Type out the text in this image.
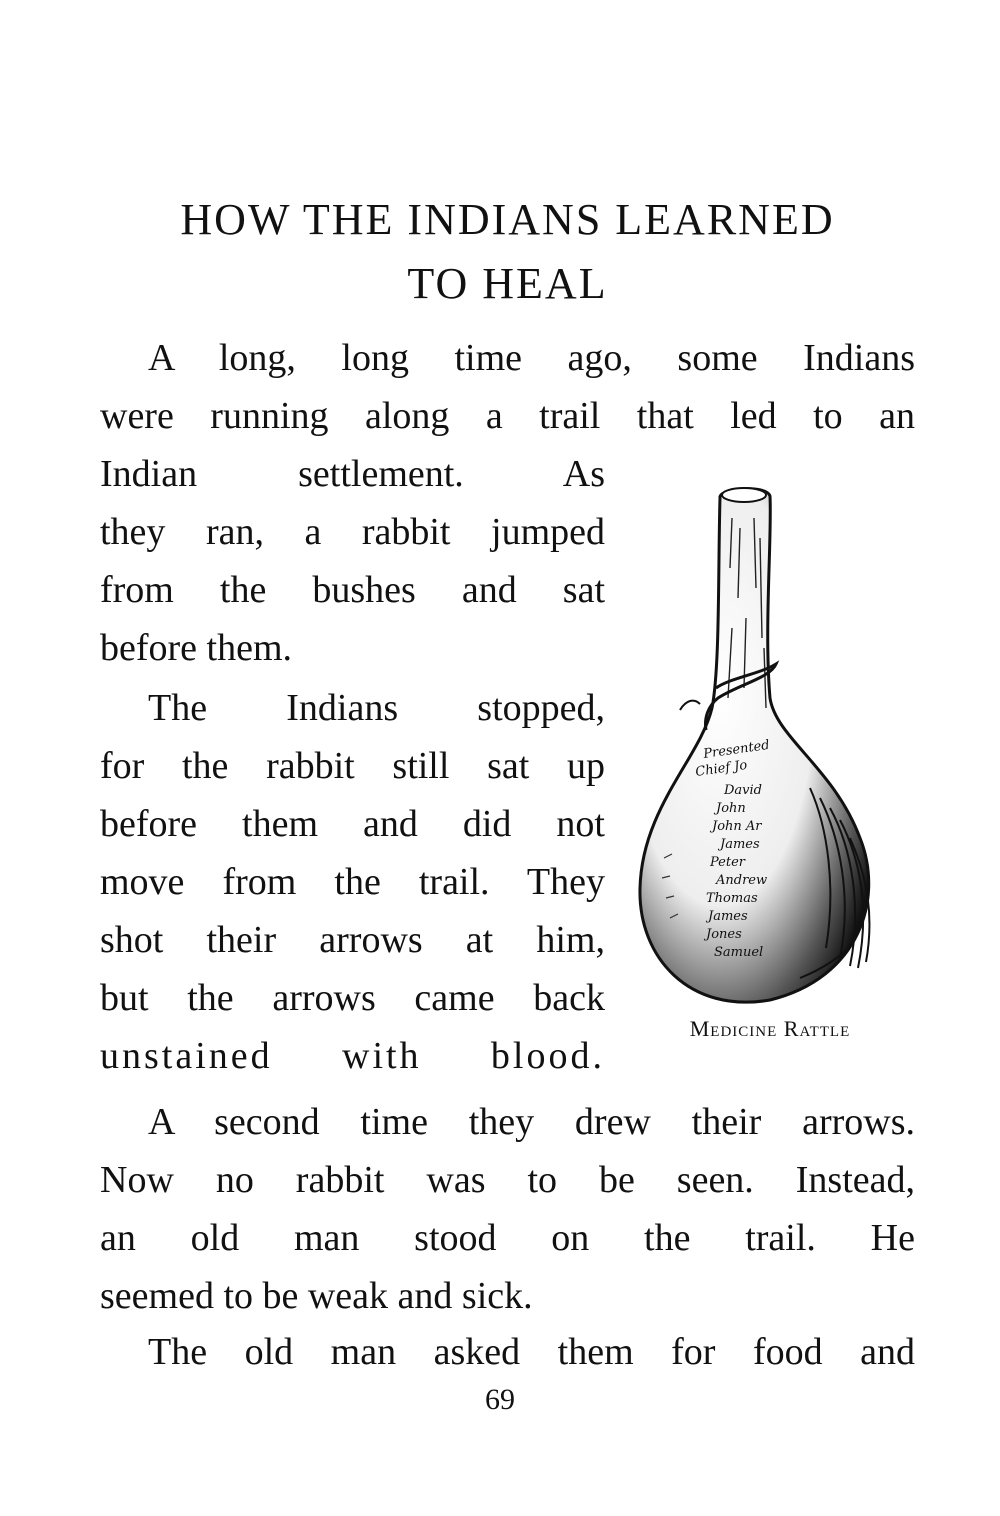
HOW THE INDIANS LEARNED
TO HEAL
A long, long time ago, some Indians
were running along a trail that led to an
Indian settlement. As
they ran, a rabbit jumped
from the bushes and sat
before them.
The Indians stopped,
for the rabbit still sat up
before them and did not
move from the trail. They
shot their arrows at him,
but the arrows came back
unstained with blood.
A second time they drew their arrows.
Now no rabbit was to be seen. Instead,
an old man stood on the trail. He
seemed to be weak and sick.
The old man asked them for food and
Presented
Chief Jo
David
John
John Ar
James
Peter
Andrew
Thomas
James
Jones
Samuel
Medicine Rattle
69
